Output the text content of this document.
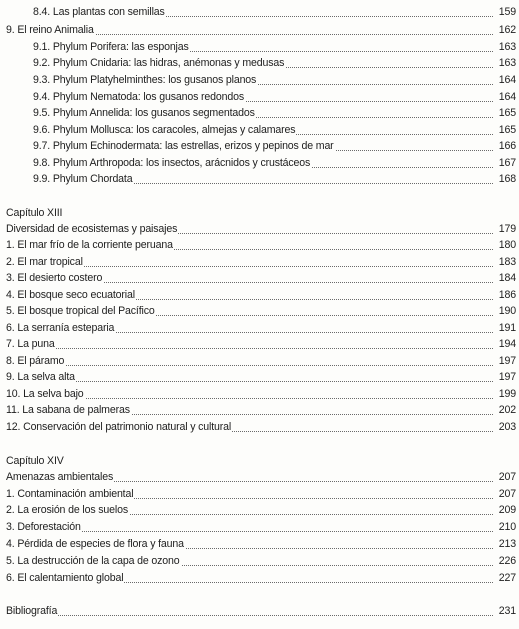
8.4. Las plantas con semillas	159
9. El reino Animalia	162
9.1. Phylum Porifera: las esponjas	163
9.2. Phylum Cnidaria: las hidras, anémonas y medusas	163
9.3. Phylum Platyhelminthes: los gusanos planos	164
9.4. Phylum Nematoda: los gusanos redondos	164
9.5. Phylum Annelida: los gusanos segmentados	165
9.6. Phylum Mollusca: los caracoles, almejas y calamares	165
9.7. Phylum Echinodermata: las estrellas, erizos y pepinos de mar	166
9.8. Phylum Arthropoda: los insectos, arácnidos y crustáceos	167
9.9. Phylum Chordata	168
Capítulo XIII
Diversidad de ecosistemas y paisajes	179
1. El mar frío de la corriente peruana	180
2. El mar tropical	183
3. El desierto costero	184
4. El bosque seco ecuatorial	186
5. El bosque tropical del Pacífico	190
6. La serranía esteparia	191
7. La puna	194
8. El páramo	197
9. La selva alta	197
10. La selva bajo	199
11. La sabana de palmeras	202
12. Conservación del patrimonio natural y cultural	203
Capítulo XIV
Amenazas ambientales	207
1. Contaminación ambiental	207
2. La erosión de los suelos	209
3. Deforestación	210
4. Pérdida de especies de flora y fauna	213
5. La destrucción de la capa de ozono	226
6. El calentamiento global	227
Bibliografía	231
